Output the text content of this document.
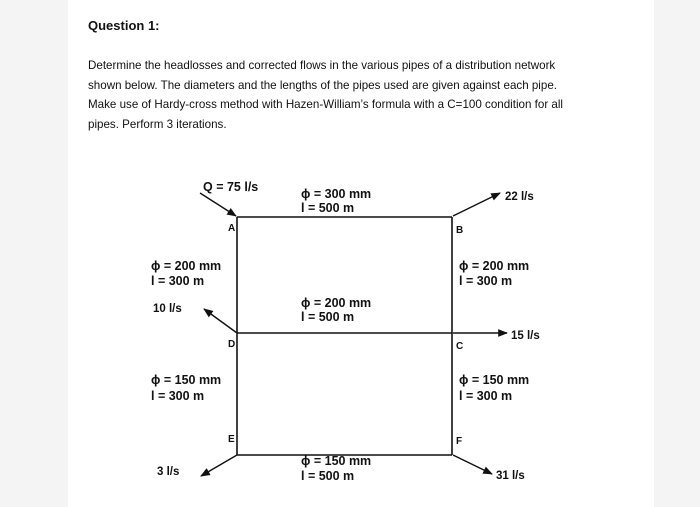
Question 1:
Determine the headlosses and corrected flows in the various pipes of a distribution network
shown below. The diameters and the lengths of the pipes used are given against each pipe.
Make use of Hardy-cross method with Hazen-William’s formula with a C=100 condition for all
pipes. Perform 3 iterations.
A	B
D	C
E	F
Q = 75 l/s
22 l/s
10 l/s
15 l/s
3 l/s	31 l/s
ϕ = 300 mm
l = 500 m
ϕ = 200 mm
l = 300 m
ϕ = 200 mm
l = 300 m
ϕ = 200 mm
l = 500 m
ϕ = 150 mm
l = 300 m
ϕ = 150 mm
l = 300 m
ϕ = 150 mm
l = 500 m
